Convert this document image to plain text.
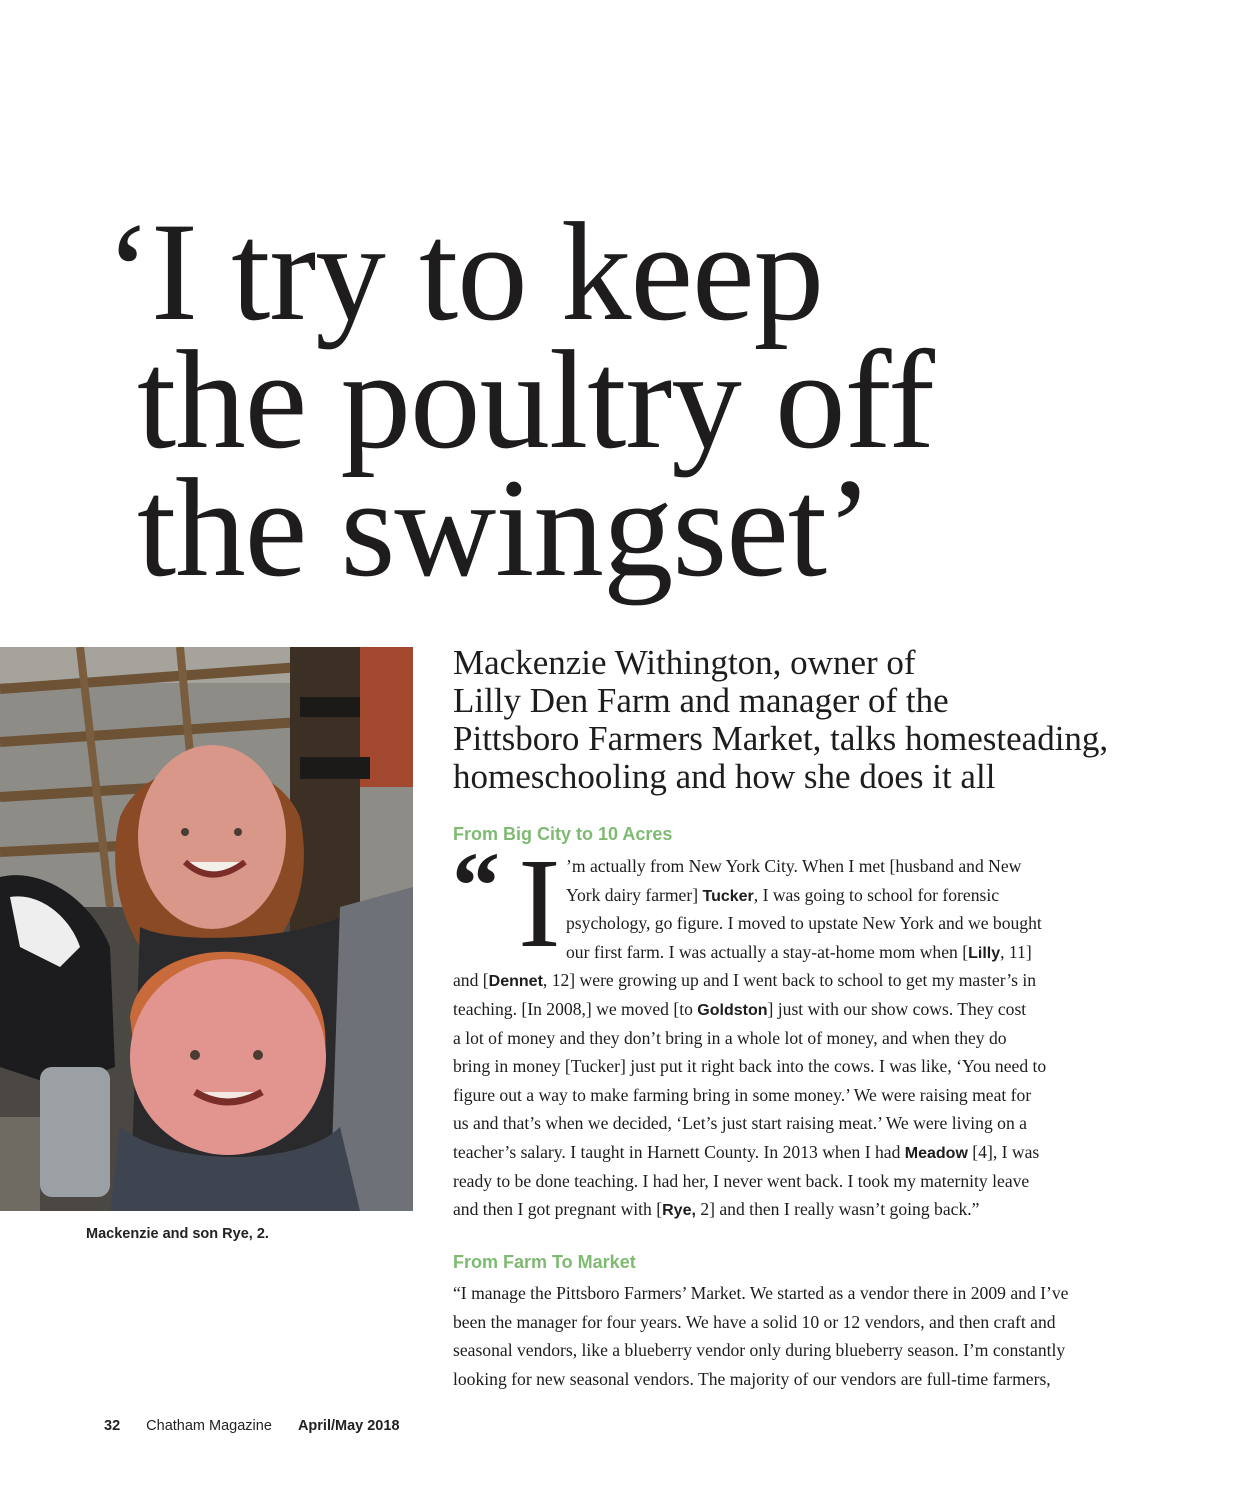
‘I try to keep
the poultry off
the swingset’
Mackenzie and son Rye, 2.
Mackenzie Withington, owner of
Lilly Den Farm and manager of the
Pittsboro Farmers Market, talks homesteading,
homeschooling and how she does it all
From Big City to 10 Acres
“ I ’m actually from New York City. When I met [husband and New
York dairy farmer] Tucker, I was going to school for forensic
psychology, go figure. I moved to upstate New York and we bought
our first farm. I was actually a stay-at-home mom when [Lilly, 11]
and [Dennet, 12] were growing up and I went back to school to get my master’s in
teaching. [In 2008,] we moved [to Goldston] just with our show cows. They cost
a lot of money and they don’t bring in a whole lot of money, and when they do
bring in money [Tucker] just put it right back into the cows. I was like, ‘You need to
figure out a way to make farming bring in some money.’ We were raising meat for
us and that’s when we decided, ‘Let’s just start raising meat.’ We were living on a
teacher’s salary. I taught in Harnett County. In 2013 when I had Meadow [4], I was
ready to be done teaching. I had her, I never went back. I took my maternity leave
and then I got pregnant with [Rye, 2] and then I really wasn’t going back.”
From Farm To Market
“I manage the Pittsboro Farmers’ Market. We started as a vendor there in 2009 and I’ve
been the manager for four years. We have a solid 10 or 12 vendors, and then craft and
seasonal vendors, like a blueberry vendor only during blueberry season. I’m constantly
looking for new seasonal vendors. The majority of our vendors are full-time farmers,
32 Chatham Magazine April/May 2018
